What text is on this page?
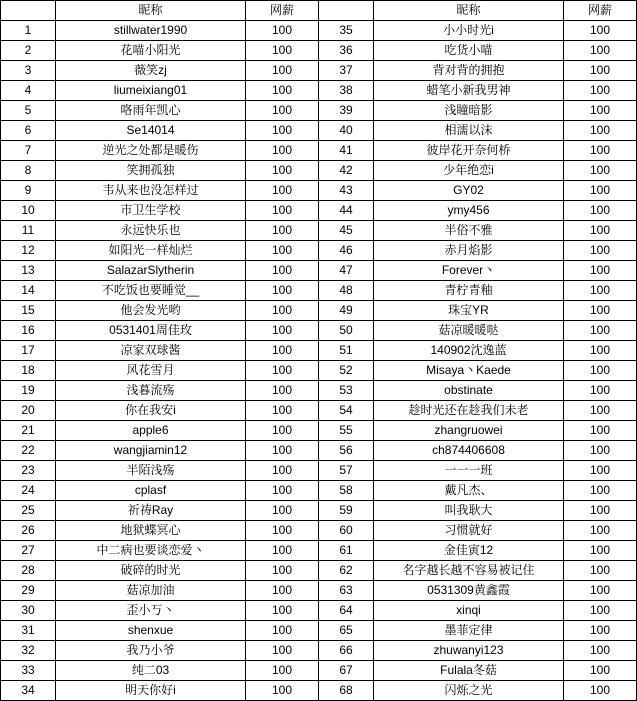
	昵称	网薪		昵称	网薪
1	stillwater1990	100	35	小小时光i	100
2	花喵小阳光	100	36	吃货小喵	100
3	薇笑zj	100	37	背对背的拥抱	100
4	liumeixiang01	100	38	蜡笔小新我男神	100
5	咯雨年凯心	100	39	浅瞳暗影	100
6	Se14014	100	40	相濡以沫	100
7	逆光之处都是暖伤	100	41	彼岸花开奈何桥	100
8	笑拥孤独	100	42	少年绝恋i	100
9	韦从来也没怎样过	100	43	GY02	100
10	市卫生学校	100	44	ymy456	100
11	永远快乐也	100	45	半俗不雅	100
12	如阳光一样灿烂	100	46	赤月焰影	100
13	SalazarSlytherin	100	47	Forever丶	100
14	不吃饭也要睡觉__	100	48	青柠青釉	100
15	他会发光哟	100	49	珠宝YR	100
16	0531401周佳玫	100	50	菇凉暖暖哒	100
17	凉家双球酱	100	51	140902沈逸蓝	100
18	风花雪月	100	52	Misaya丶Kaede	100
19	浅暮流殇	100	53	obstinate	100
20	你在我安i	100	54	趁时光还在趁我们未老	100
21	apple6	100	55	zhangruowei	100
22	wangjiamin12	100	56	ch874406608	100
23	半陌浅殇	100	57	一一一班	100
24	cplasf	100	58	戴凡杰、	100
25	祈祷Ray	100	59	叫我耿大	100
26	地狱蝶冥心	100	60	习惯就好	100
27	中二病也要谈恋爱丶	100	61	金佳寅12	100
28	破碎的时光	100	62	名字越长越不容易被记住	100
29	菇凉加油	100	63	0531309黄鑫霞	100
30	歪小丂丶	100	64	xinqi	100
31	shenxue	100	65	墨菲定律	100
32	我乃小爷	100	66	zhuwanyi123	100
33	纯二03	100	67	Fulala冬菇	100
34	明天你好i	100	68	闪烁之光	100
